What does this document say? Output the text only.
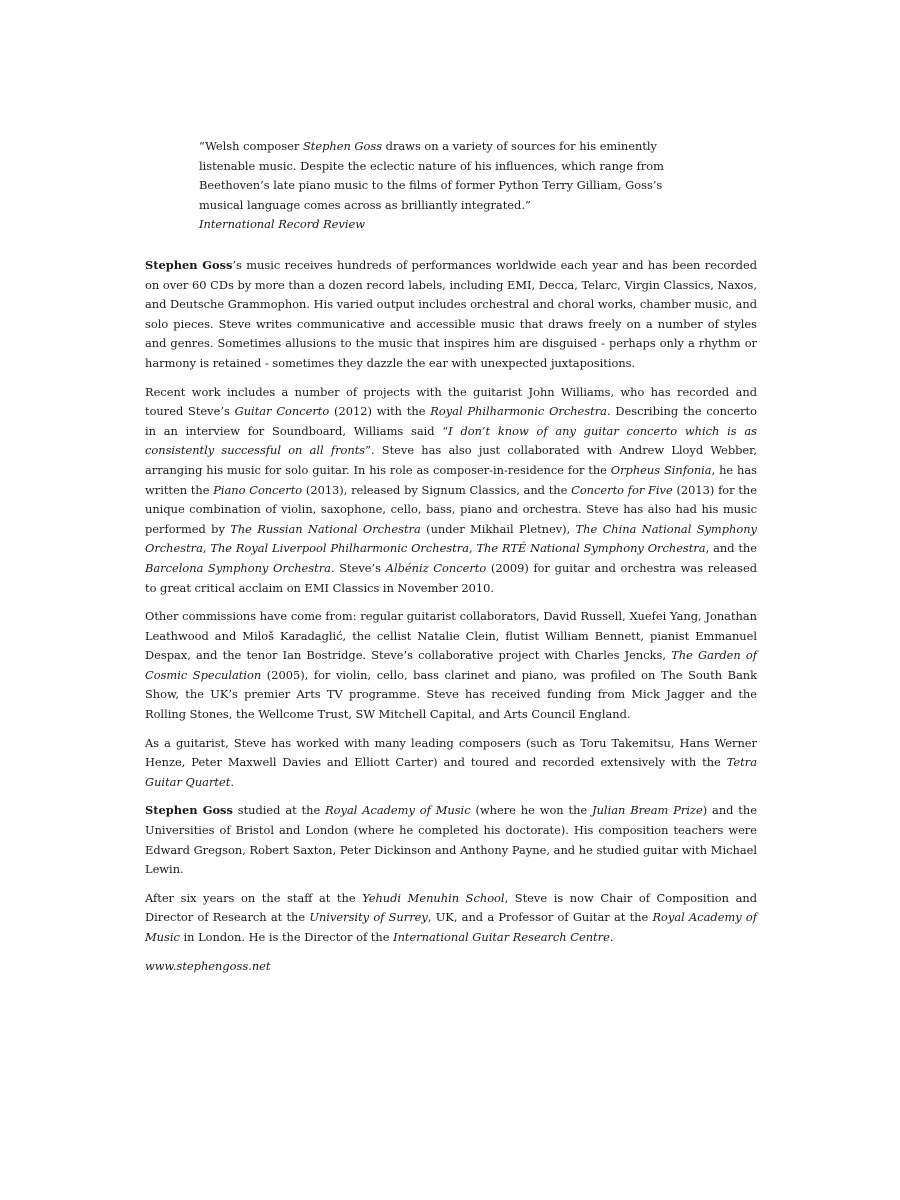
“Welsh composer Stephen Goss draws on a variety of sources for his eminently listenable music. Despite the eclectic nature of his influences, which range from Beethoven’s late piano music to the films of former Python Terry Gilliam, Goss’s musical language comes across as brilliantly integrated.”
International Record Review

Stephen Goss’s music receives hundreds of performances worldwide each year and has been recorded on over 60 CDs by more than a dozen record labels, including EMI, Decca, Telarc, Virgin Classics, Naxos, and Deutsche Grammophon. His varied output includes orchestral and choral works, chamber music, and solo pieces. Steve writes communicative and accessible music that draws freely on a number of styles and genres. Sometimes allusions to the music that inspires him are disguised - perhaps only a rhythm or harmony is retained - sometimes they dazzle the ear with unexpected juxtapositions.

Recent work includes a number of projects with the guitarist John Williams, who has recorded and toured Steve’s Guitar Concerto (2012) with the Royal Philharmonic Orchestra. Describing the concerto in an interview for Soundboard, Williams said “I don’t know of any guitar concerto which is as consistently successful on all fronts”. Steve has also just collaborated with Andrew Lloyd Webber, arranging his music for solo guitar. In his role as composer-in-residence for the Orpheus Sinfonia, he has written the Piano Concerto (2013), released by Signum Classics, and the Concerto for Five (2013) for the unique combination of violin, saxophone, cello, bass, piano and orchestra. Steve has also had his music performed by The Russian National Orchestra (under Mikhail Pletnev), The China National Symphony Orchestra, The Royal Liverpool Philharmonic Orchestra, The RTÉ National Symphony Orchestra, and the Barcelona Symphony Orchestra. Steve’s Albéniz Concerto (2009) for guitar and orchestra was released to great critical acclaim on EMI Classics in November 2010.

Other commissions have come from: regular guitarist collaborators, David Russell, Xuefei Yang, Jonathan Leathwood and Miloš Karadaglić, the cellist Natalie Clein, flutist William Bennett, pianist Emmanuel Despax, and the tenor Ian Bostridge. Steve’s collaborative project with Charles Jencks, The Garden of Cosmic Speculation (2005), for violin, cello, bass clarinet and piano, was profiled on The South Bank Show, the UK’s premier Arts TV programme. Steve has received funding from Mick Jagger and the Rolling Stones, the Wellcome Trust, SW Mitchell Capital, and Arts Council England.

As a guitarist, Steve has worked with many leading composers (such as Toru Takemitsu, Hans Werner Henze, Peter Maxwell Davies and Elliott Carter) and toured and recorded extensively with the Tetra Guitar Quartet.

Stephen Goss studied at the Royal Academy of Music (where he won the Julian Bream Prize) and the Universities of Bristol and London (where he completed his doctorate). His composition teachers were Edward Gregson, Robert Saxton, Peter Dickinson and Anthony Payne, and he studied guitar with Michael Lewin.

After six years on the staff at the Yehudi Menuhin School, Steve is now Chair of Composition and Director of Research at the University of Surrey, UK, and a Professor of Guitar at the Royal Academy of Music in London. He is the Director of the International Guitar Research Centre.

www.stephengoss.net
